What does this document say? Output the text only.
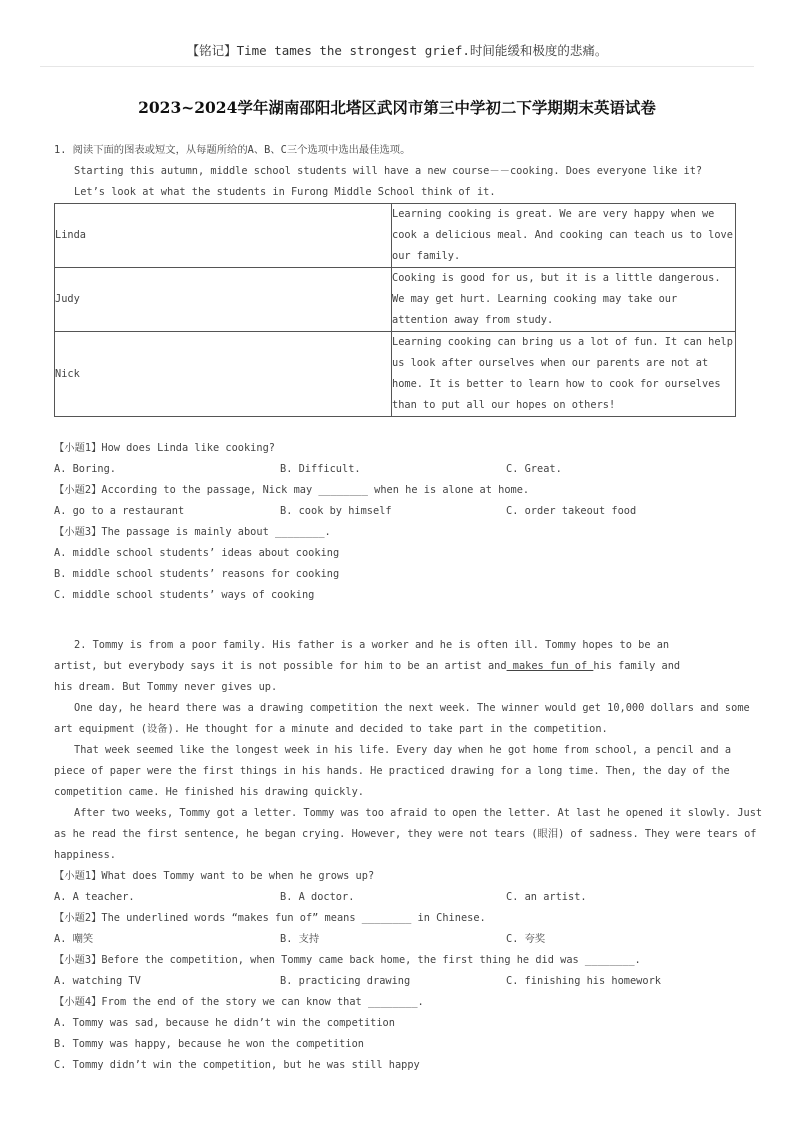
【铭记】Time tames the strongest grief.时间能缓和极度的悲痛。
2023~2024学年湖南邵阳北塔区武冈市第三中学初二下学期期末英语试卷
1. 阅读下面的图表或短文，从每题所给的A、B、C三个选项中选出最佳选项。
Starting this autumn, middle school students will have a new course－－cooking. Does everyone like it?
Let’s look at what the students in Furong Middle School think of it.
Linda	Learning cooking is great. We are very happy when we cook a delicious meal. And cooking can teach us to love our family.
Judy	Cooking is good for us, but it is a little dangerous. We may get hurt. Learning cooking may take our attention away from study.
Nick	Learning cooking can bring us a lot of fun. It can help us look after ourselves when our parents are not at home. It is better to learn how to cook for ourselves than to put all our hopes on others!
【小题1】How does Linda like cooking?
A. Boring.	B. Difficult.	C. Great.
【小题2】According to the passage, Nick may ________ when he is alone at home.
A. go to a restaurant	B. cook by himself	C. order takeout food
【小题3】The passage is mainly about ________.
A. middle school students’ ideas about cooking
B. middle school students’ reasons for cooking
C. middle school students’ ways of cooking
2. Tommy is from a poor family. His father is a worker and he is often ill. Tommy hopes to be an
artist, but everybody says it is not possible for him to be an artist and makes fun of his family and
his dream. But Tommy never gives up.
One day, he heard there was a drawing competition the next week. The winner would get 10,000 dollars and some
art equipment (设备). He thought for a minute and decided to take part in the competition.
That week seemed like the longest week in his life. Every day when he got home from school, a pencil and a
piece of paper were the first things in his hands. He practiced drawing for a long time. Then, the day of the
competition came. He finished his drawing quickly.
After two weeks, Tommy got a letter. Tommy was too afraid to open the letter. At last he opened it slowly. Just
as he read the first sentence, he began crying. However, they were not tears (眼泪) of sadness. They were tears of
happiness.
【小题1】What does Tommy want to be when he grows up?
A. A teacher.	B. A doctor.	C. an artist.
【小题2】The underlined words “makes fun of” means ________ in Chinese.
A. 嘲笑	B. 支持	C. 夸奖
【小题3】Before the competition, when Tommy came back home, the first thing he did was ________.
A. watching TV	B. practicing drawing	C. finishing his homework
【小题4】From the end of the story we can know that ________.
A. Tommy was sad, because he didn’t win the competition
B. Tommy was happy, because he won the competition
C. Tommy didn’t win the competition, but he was still happy
